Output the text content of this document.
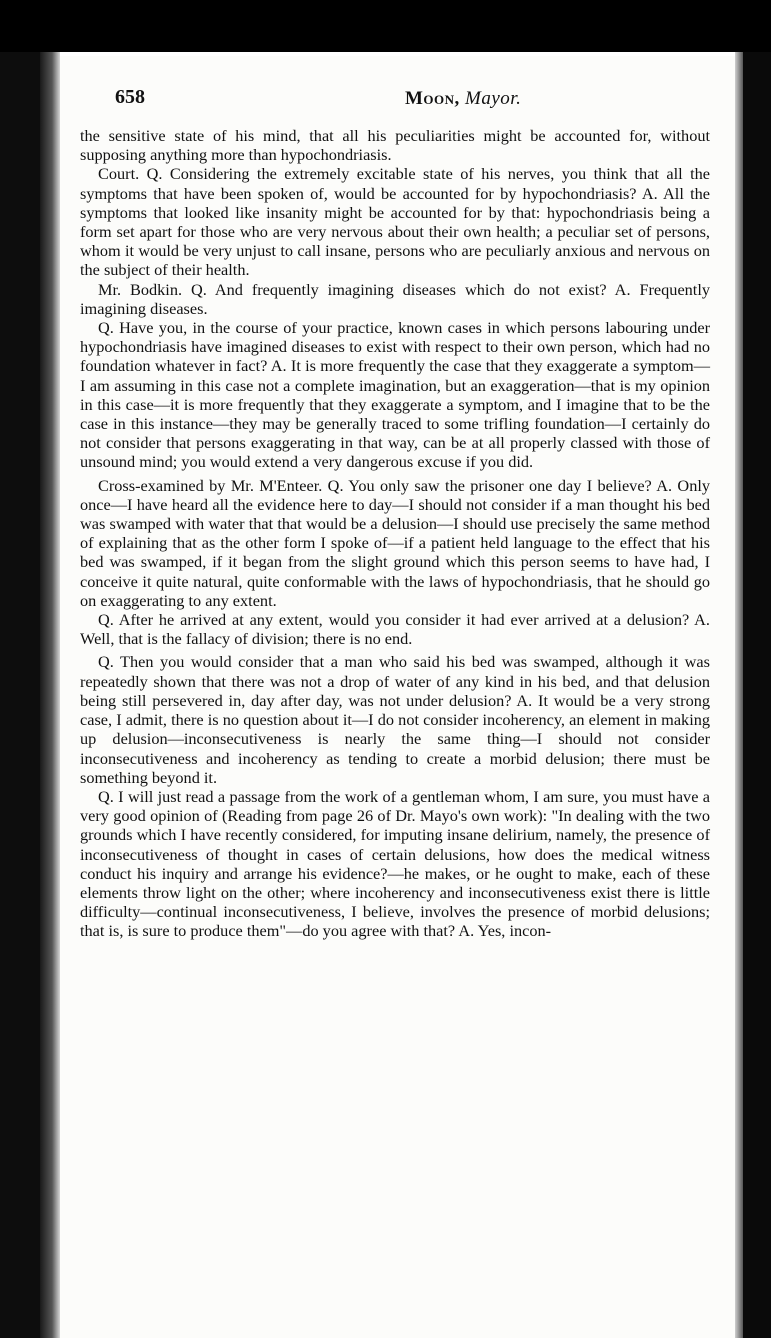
658	Moon, Mayor.

the sensitive state of his mind, that all his peculiarities might be accounted for, without supposing anything more than hypochondriasis.

Court. Q. Considering the extremely excitable state of his nerves, you think that all the symptoms that have been spoken of, would be accounted for by hypochondriasis? A. All the symptoms that looked like insanity might be accounted for by that: hypochondriasis being a form set apart for those who are very nervous about their own health; a peculiar set of persons, whom it would be very unjust to call insane, persons who are peculiarly anxious and nervous on the subject of their health.

Mr. Bodkin. Q. And frequently imagining diseases which do not exist? A. Frequently imagining diseases.

Q. Have you, in the course of your practice, known cases in which persons labouring under hypochondriasis have imagined diseases to exist with respect to their own person, which had no foundation whatever in fact? A. It is more frequently the case that they exaggerate a symptom—I am assuming in this case not a complete imagination, but an exaggeration—that is my opinion in this case—it is more frequently that they exaggerate a symptom, and I imagine that to be the case in this instance—they may be generally traced to some trifling foundation—I certainly do not consider that persons exaggerating in that way, can be at all properly classed with those of unsound mind; you would extend a very dangerous excuse if you did.

Cross-examined by Mr. M'Enteer. Q. You only saw the prisoner one day I believe? A. Only once—I have heard all the evidence here to day—I should not consider if a man thought his bed was swamped with water that that would be a delusion—I should use precisely the same method of explaining that as the other form I spoke of—if a patient held language to the effect that his bed was swamped, if it began from the slight ground which this person seems to have had, I conceive it quite natural, quite conformable with the laws of hypochondriasis, that he should go on exaggerating to any extent.

Q. After he arrived at any extent, would you consider it had ever arrived at a delusion? A. Well, that is the fallacy of division; there is no end.

Q. Then you would consider that a man who said his bed was swamped, although it was repeatedly shown that there was not a drop of water of any kind in his bed, and that delusion being still persevered in, day after day, was not under delusion? A. It would be a very strong case, I admit, there is no question about it—I do not consider incoherency, an element in making up delusion—inconsecutiveness is nearly the same thing—I should not consider inconsecutiveness and incoherency as tending to create a morbid delusion; there must be something beyond it.

Q. I will just read a passage from the work of a gentleman whom, I am sure, you must have a very good opinion of (Reading from page 26 of Dr. Mayo's own work): "In dealing with the two grounds which I have recently considered, for imputing insane delirium, namely, the presence of inconsecutiveness of thought in cases of certain delusions, how does the medical witness conduct his inquiry and arrange his evidence?—he makes, or he ought to make, each of these elements throw light on the other; where incoherency and inconsecutiveness exist there is little difficulty—continual inconsecutiveness, I believe, involves the presence of morbid delusions; that is, is sure to produce them"—do you agree with that? A. Yes, incon-
